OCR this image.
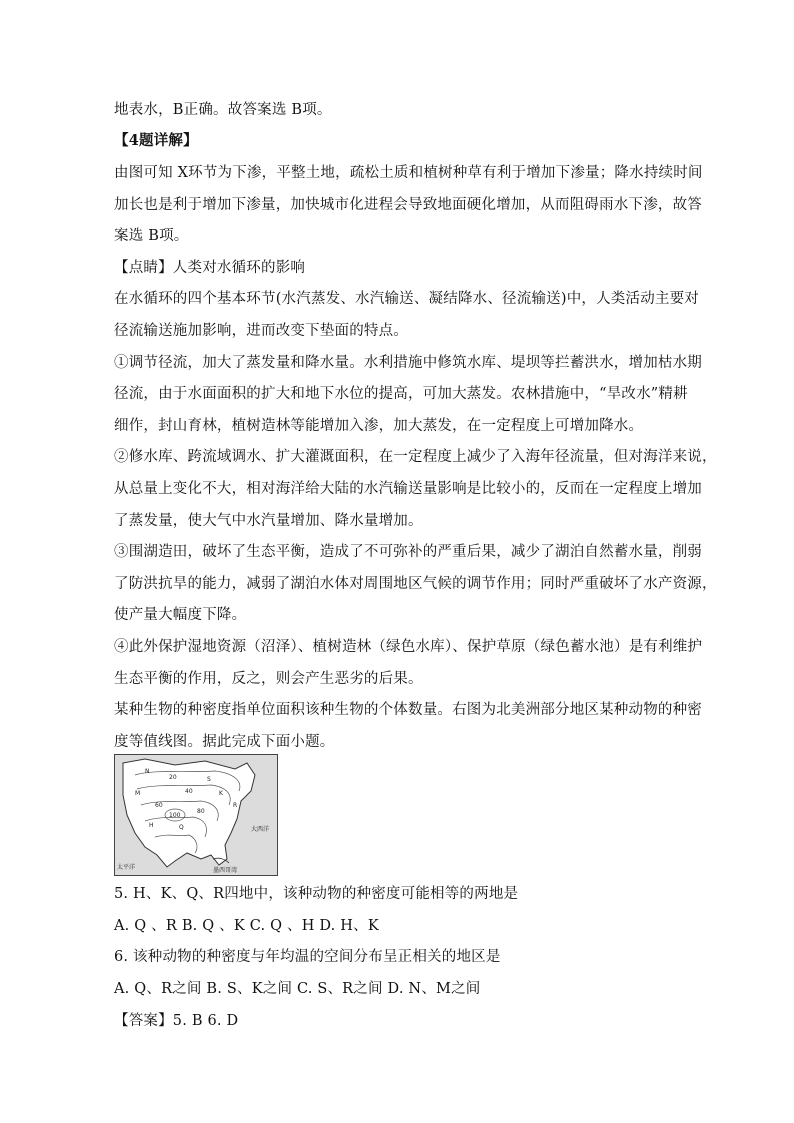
地表水，B正确。故答案选 B项。
【4题详解】
由图可知 X环节为下渗，平整土地，疏松土质和植树种草有利于增加下渗量；降水持续时间
加长也是利于增加下渗量，加快城市化进程会导致地面硬化增加，从而阻碍雨水下渗，故答
案选 B项。
【点睛】人类对水循环的影响
在水循环的四个基本环节(水汽蒸发、水汽输送、凝结降水、径流输送)中，人类活动主要对
径流输送施加影响，进而改变下垫面的特点。
①调节径流，加大了蒸发量和降水量。水利措施中修筑水库、堤坝等拦蓄洪水，增加枯水期
径流，由于水面面积的扩大和地下水位的提高，可加大蒸发。农林措施中，“旱改水”精耕
细作，封山育林，植树造林等能增加入渗，加大蒸发，在一定程度上可增加降水。
②修水库、跨流域调水、扩大灌溉面积，在一定程度上减少了入海年径流量，但对海洋来说，
从总量上变化不大，相对海洋给大陆的水汽输送量影响是比较小的，反而在一定程度上增加
了蒸发量，使大气中水汽量增加、降水量增加。
③围湖造田，破坏了生态平衡，造成了不可弥补的严重后果，减少了湖泊自然蓄水量，削弱
了防洪抗旱的能力，减弱了湖泊水体对周围地区气候的调节作用；同时严重破坏了水产资源，
使产量大幅度下降。
④此外保护湿地资源（沼泽）、植树造林（绿色水库）、保护草原（绿色蓄水池）是有利维护
生态平衡的作用，反之，则会产生恶劣的后果。
某种生物的种密度指单位面积该种生物的个体数量。右图为北美洲部分地区某种动物的种密
度等值线图。据此完成下面小题。
20
40
60
80
100
K
R
Q
H
S
M
N
大西洋
太平洋	墨西哥湾
5. H、K、Q、R四地中，该种动物的种密度可能相等的两地是
A. Q 、R B. Q 、K C. Q 、H D. H、K
6. 该种动物的种密度与年均温的空间分布呈正相关的地区是
A. Q、R之间 B. S、K之间 C. S、R之间 D. N、M之间
【答案】5. B 6. D
